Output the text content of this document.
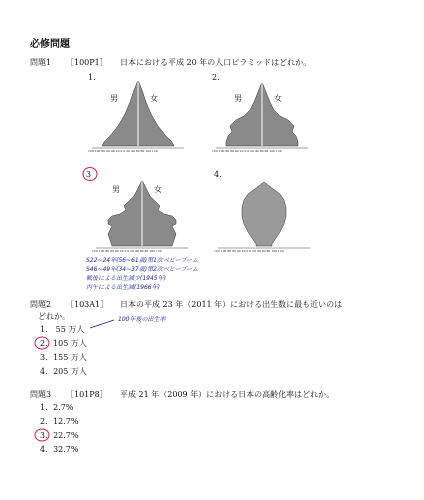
必修問題
問題1 ［100P1］ 日本における平成 20 年の人口ピラミッドはどれか。
1．
男	女
120 100 80 60 40 20 0 0 20 40 60 80 100 120
2．
男	女
120 100 80 60 40 20 0 0 20 40 60 80 100 120
3
男	女
120 100 80 60 40 20 0 0 20 40 60 80 100 120
4．
120 100 80 60 40 20 0 0 20 40 60 80 100 120
S22~24年(56~61歳)第1次ベビーブーム
S46~49年(34~37歳)第2次ベビーブーム
戦後による出生減少(1945年)
丙午による出生減(1966年)
問題2 ［103A1］ 日本の平成 23 年（2011 年）における出生数に最も近いのは
どれか。
1． 55 万人
2．105 万人
3．155 万人
4．205 万人
100年後の出生率
問題3 ［101P8］ 平成 21 年（2009 年）における日本の高齢化率はどれか。
1．2.7%
2．12.7%
3．22.7%
4．32.7%
